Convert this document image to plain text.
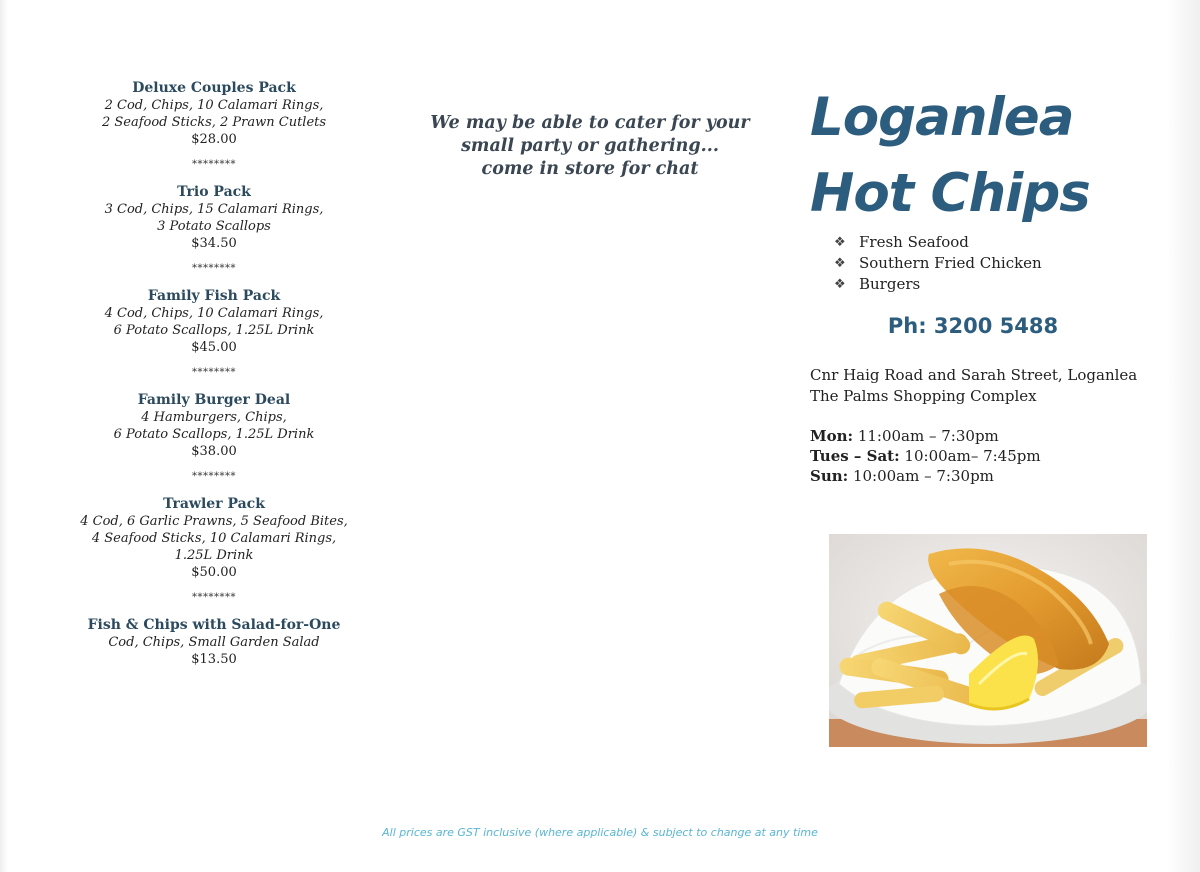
Deluxe Couples Pack
2 Cod, Chips, 10 Calamari Rings,
2 Seafood Sticks, 2 Prawn Cutlets
$28.00
********
Trio Pack
3 Cod, Chips, 15 Calamari Rings,
3 Potato Scallops
$34.50
********
Family Fish Pack
4 Cod, Chips, 10 Calamari Rings,
6 Potato Scallops, 1.25L Drink
$45.00
********
Family Burger Deal
4 Hamburgers, Chips,
6 Potato Scallops, 1.25L Drink
$38.00
********
Trawler Pack
4 Cod, 6 Garlic Prawns, 5 Seafood Bites,
4 Seafood Sticks, 10 Calamari Rings,
1.25L Drink
$50.00
********
Fish & Chips with Salad-for-One
Cod, Chips, Small Garden Salad
$13.50
We may be able to cater for your
small party or gathering...
come in store for chat
Loganlea
Hot Chips
❖ Fresh Seafood
❖ Southern Fried Chicken
❖ Burgers
Ph: 3200 5488
Cnr Haig Road and Sarah Street, Loganlea
The Palms Shopping Complex
Mon: 11:00am – 7:30pm
Tues – Sat: 10:00am– 7:45pm
Sun: 10:00am – 7:30pm
All prices are GST inclusive (where applicable) & subject to change at any time
